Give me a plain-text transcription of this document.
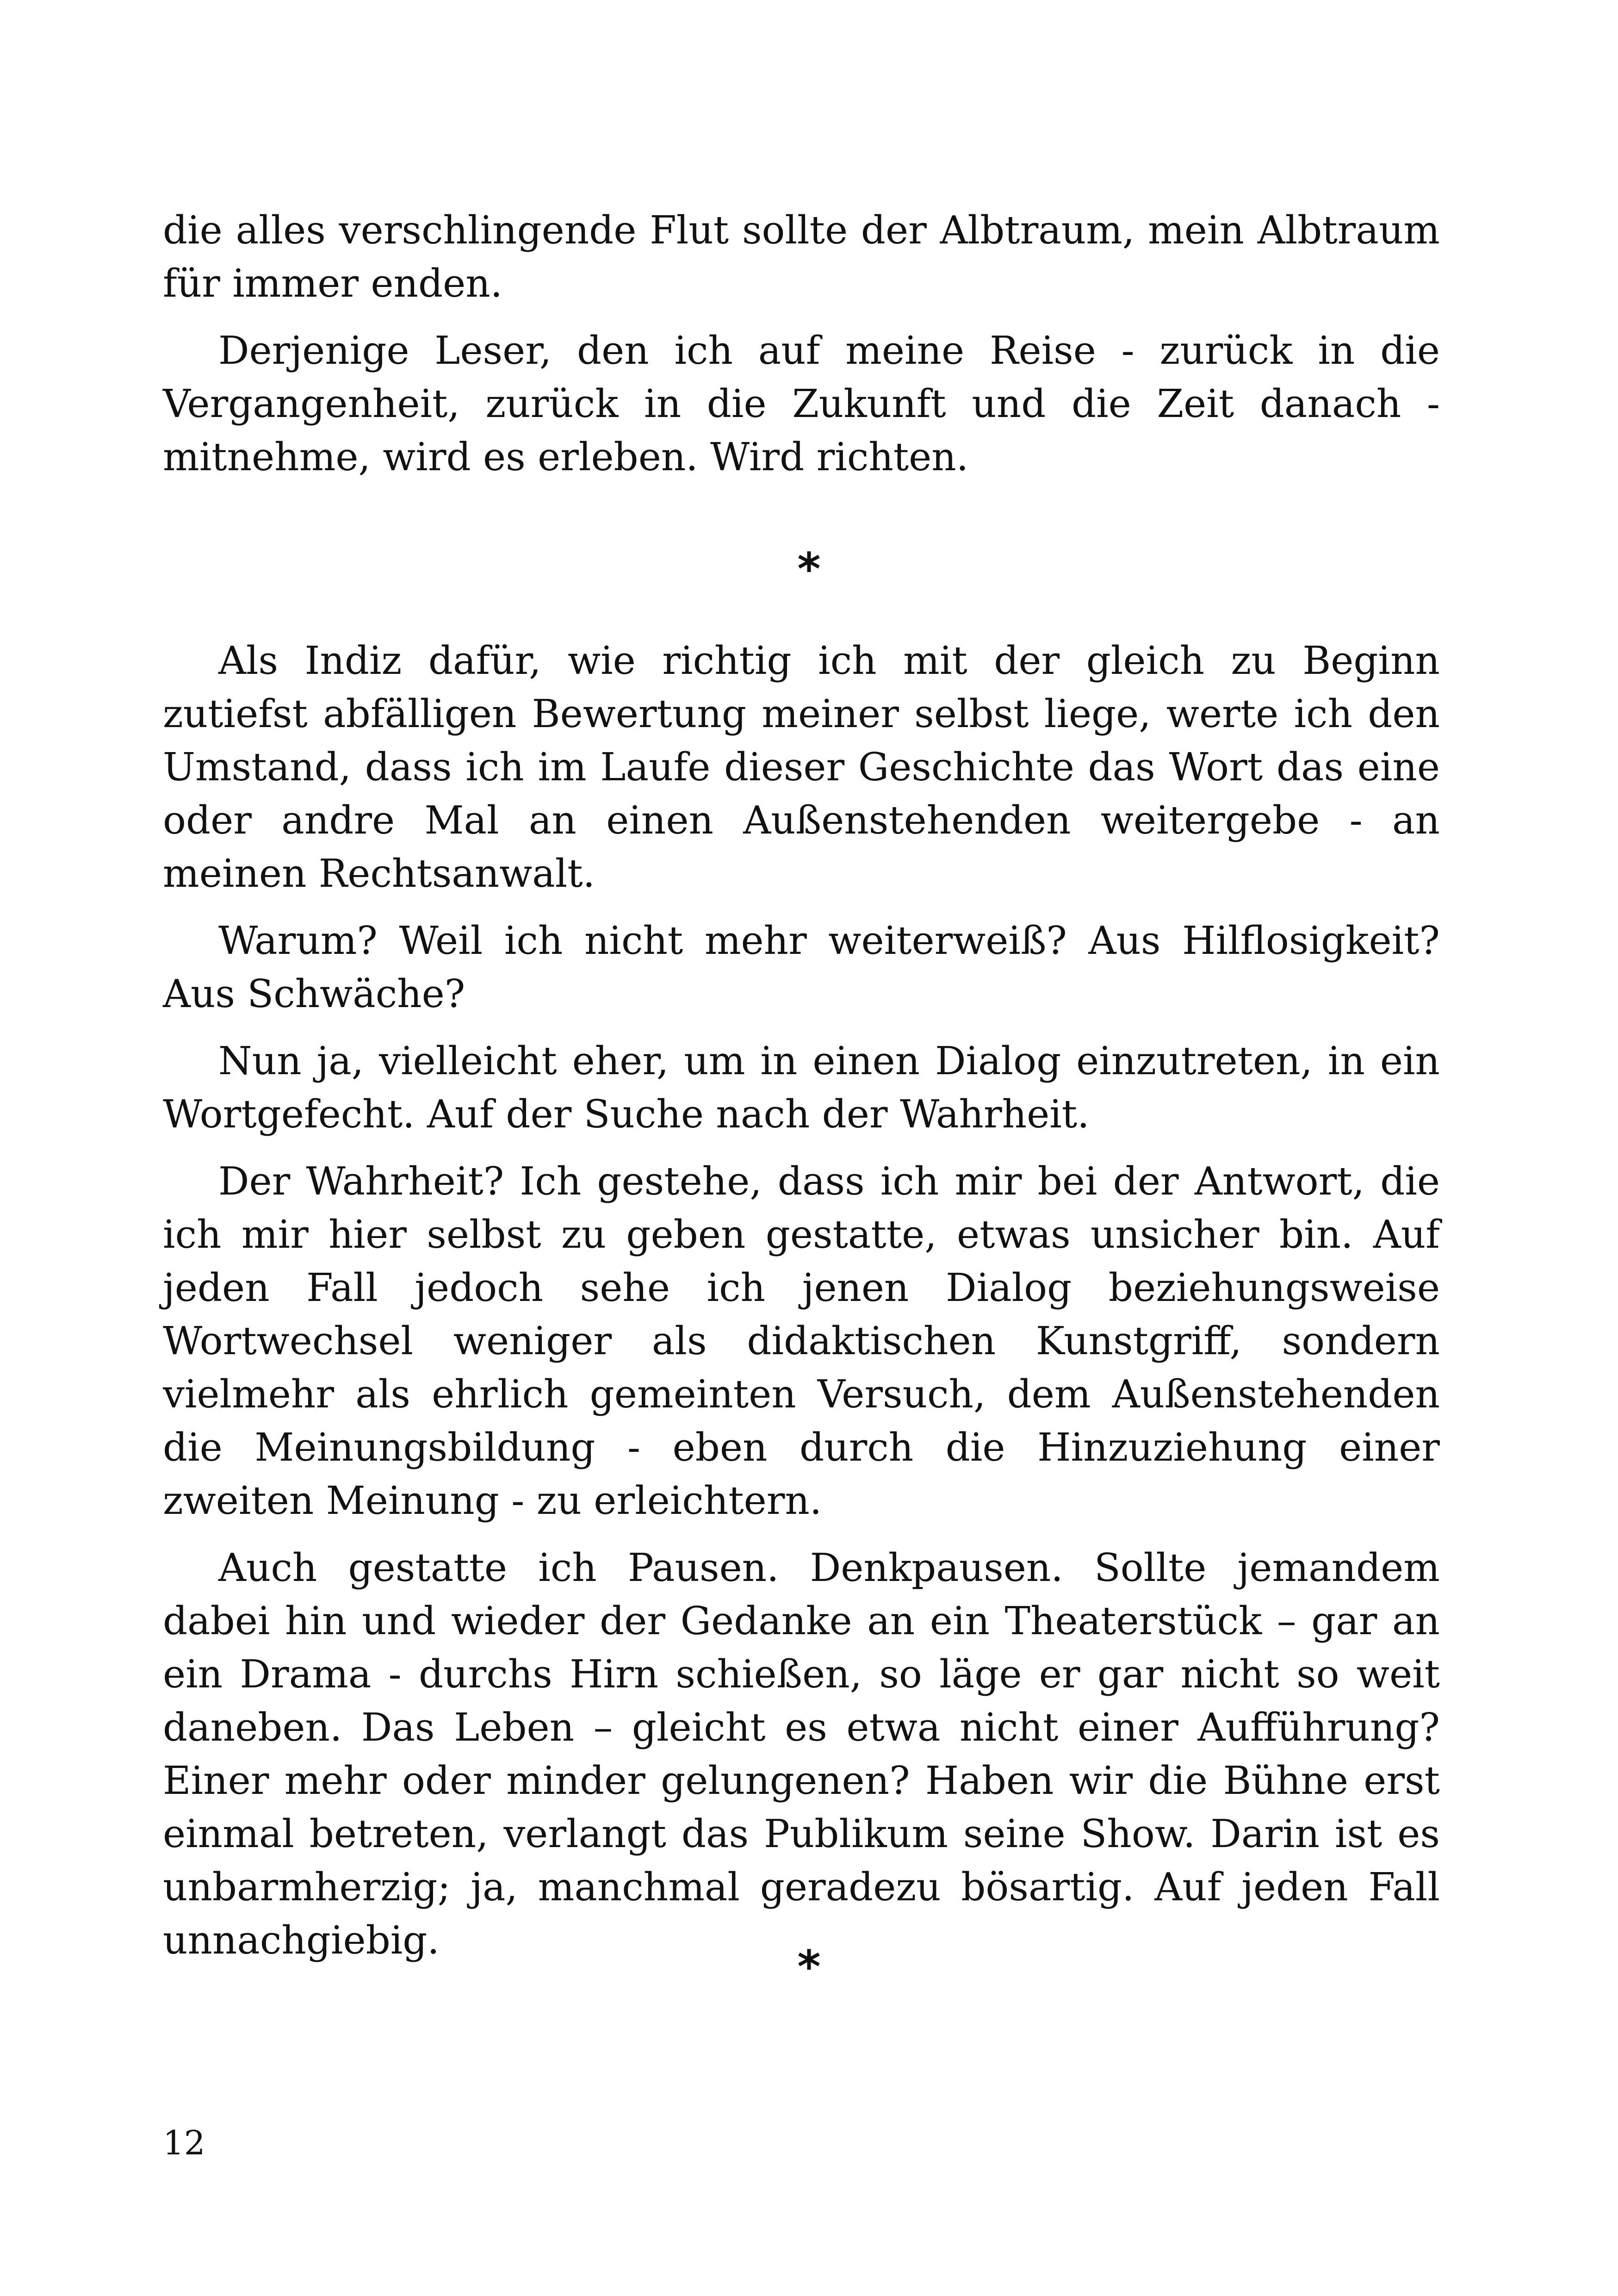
die alles verschlingende Flut sollte der Albtraum, mein Albtraum für immer enden.

Derjenige Leser, den ich auf meine Reise - zurück in die Vergangenheit, zurück in die Zukunft und die Zeit danach - mitnehme, wird es erleben. Wird richten.

*

Als Indiz dafür, wie richtig ich mit der gleich zu Beginn zutiefst abfälligen Bewertung meiner selbst liege, werte ich den Umstand, dass ich im Laufe dieser Geschichte das Wort das eine oder andre Mal an einen Außenstehenden weitergebe - an meinen Rechtsanwalt.

Warum? Weil ich nicht mehr weiterweiß? Aus Hilflosigkeit? Aus Schwäche?

Nun ja, vielleicht eher, um in einen Dialog einzutreten, in ein Wortgefecht. Auf der Suche nach der Wahrheit.

Der Wahrheit? Ich gestehe, dass ich mir bei der Antwort, die ich mir hier selbst zu geben gestatte, etwas unsicher bin. Auf jeden Fall jedoch sehe ich jenen Dialog beziehungsweise Wortwechsel weniger als didaktischen Kunstgriff, sondern vielmehr als ehrlich gemeinten Versuch, dem Außenstehenden die Meinungsbildung - eben durch die Hinzuziehung einer zweiten Meinung - zu erleichtern.

Auch gestatte ich Pausen. Denkpausen. Sollte jemandem dabei hin und wieder der Gedanke an ein Theaterstück – gar an ein Drama - durchs Hirn schießen, so läge er gar nicht so weit daneben. Das Leben – gleicht es etwa nicht einer Aufführung? Einer mehr oder minder gelungenen? Haben wir die Bühne erst einmal betreten, verlangt das Publikum seine Show. Darin ist es unbarmherzig; ja, manchmal geradezu bösartig. Auf jeden Fall unnachgiebig.

*
12
